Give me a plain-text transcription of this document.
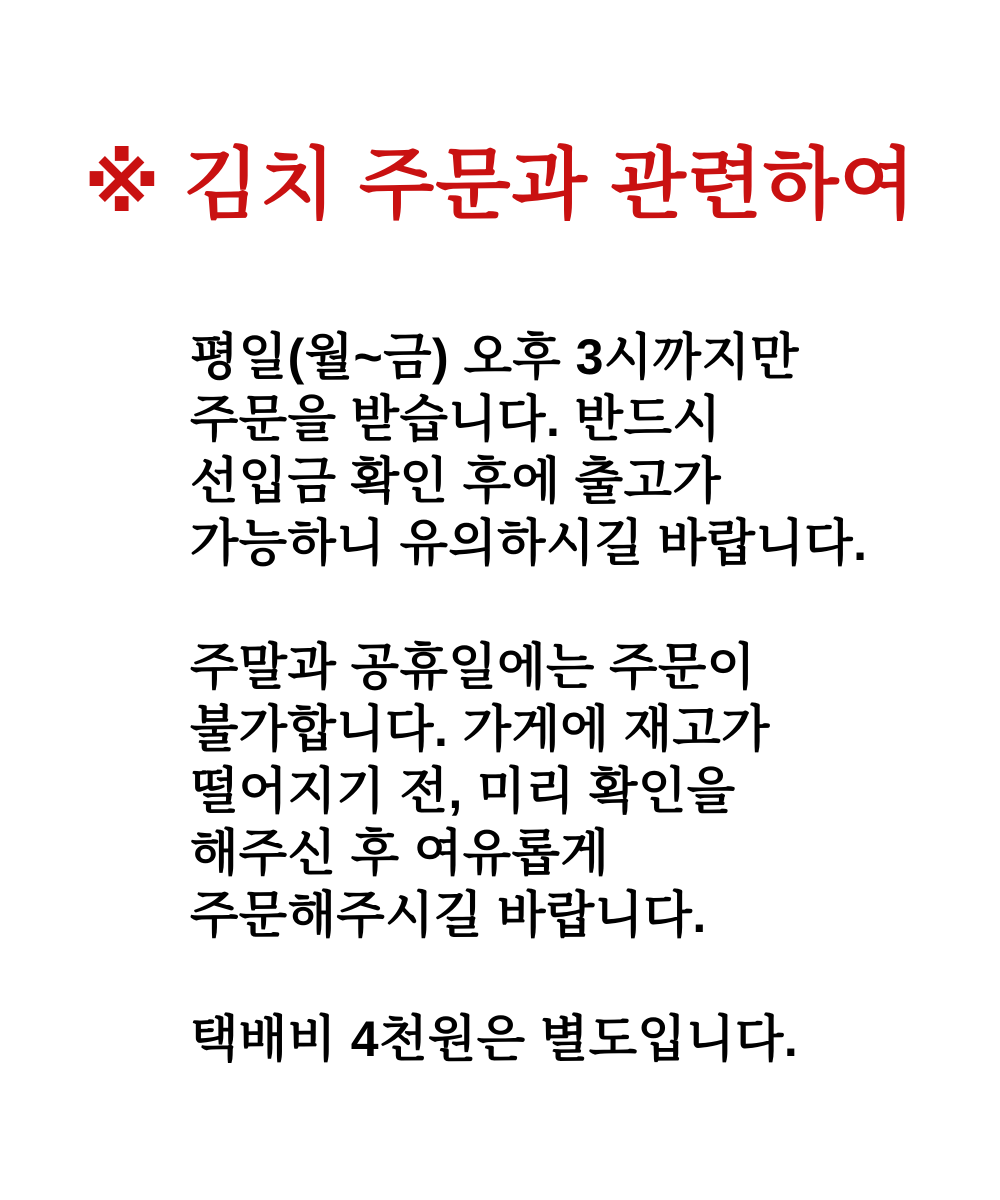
※ 김치 주문과 관련하여
평일(월~금) 오후 3시까지만
주문을 받습니다. 반드시
선입금 확인 후에 출고가
가능하니 유의하시길 바랍니다.
주말과 공휴일에는 주문이
불가합니다. 가게에 재고가
떨어지기 전, 미리 확인을
해주신 후 여유롭게
주문해주시길 바랍니다.
택배비 4천원은 별도입니다.
